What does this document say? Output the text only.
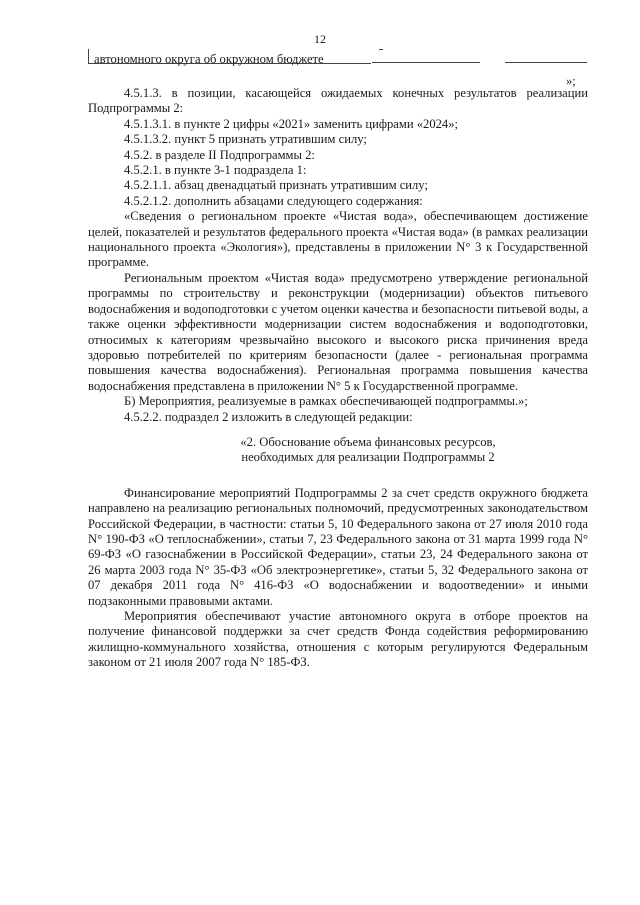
12
автономного округа об окружном бюджете
»;

4.5.1.3. в позиции, касающейся ожидаемых конечных результатов реализации Подпрограммы 2:

4.5.1.3.1. в пункте 2 цифры «2021» заменить цифрами «2024»;

4.5.1.3.2. пункт 5 признать утратившим силу;

4.5.2. в разделе II Подпрограммы 2:

4.5.2.1. в пункте 3-1 подраздела 1:

4.5.2.1.1. абзац двенадцатый признать утратившим силу;

4.5.2.1.2. дополнить абзацами следующего содержания:

«Сведения о региональном проекте «Чистая вода», обеспечивающем достижение целей, показателей и результатов федерального проекта «Чистая вода» (в рамках реализации национального проекта «Экология»), представлены в приложении N° 3 к Государственной программе.

Региональным проектом «Чистая вода» предусмотрено утверждение региональной программы по строительству и реконструкции (модернизации) объектов питьевого водоснабжения и водоподготовки с учетом оценки качества и безопасности питьевой воды, а также оценки эффективности модернизации систем водоснабжения и водоподготовки, относимых к категориям чрезвычайно высокого и высокого риска причинения вреда здоровью потребителей по критериям безопасности (далее - региональная программа повышения качества водоснабжения). Региональная программа повышения качества водоснабжения представлена в приложении N° 5 к Государственной программе.

Б) Мероприятия, реализуемые в рамках обеспечивающей подпрограммы.»;

4.5.2.2. подраздел 2 изложить в следующей редакции:

«2. Обоснование объема финансовых ресурсов,

необходимых для реализации Подпрограммы 2

Финансирование мероприятий Подпрограммы 2 за счет средств окружного бюджета направлено на реализацию региональных полномочий, предусмотренных законодательством Российской Федерации, в частности: статьи 5, 10 Федерального закона от 27 июля 2010 года N° 190-ФЗ «О теплоснабжении», статьи 7, 23 Федерального закона от 31 марта 1999 года N° 69-ФЗ «О газоснабжении в Российской Федерации», статьи 23, 24 Федерального закона от 26 марта 2003 года N° 35-ФЗ «Об электроэнергетике», статьи 5, 32 Федерального закона от 07 декабря 2011 года N° 416-ФЗ «О водоснабжении и водоотведении» и иными подзаконными правовыми актами.

Мероприятия обеспечивают участие автономного округа в отборе проектов на получение финансовой поддержки за счет средств Фонда содействия реформированию жилищно-коммунального хозяйства, отношения с которым регулируются Федеральным законом от 21 июля 2007 года N° 185-ФЗ.
